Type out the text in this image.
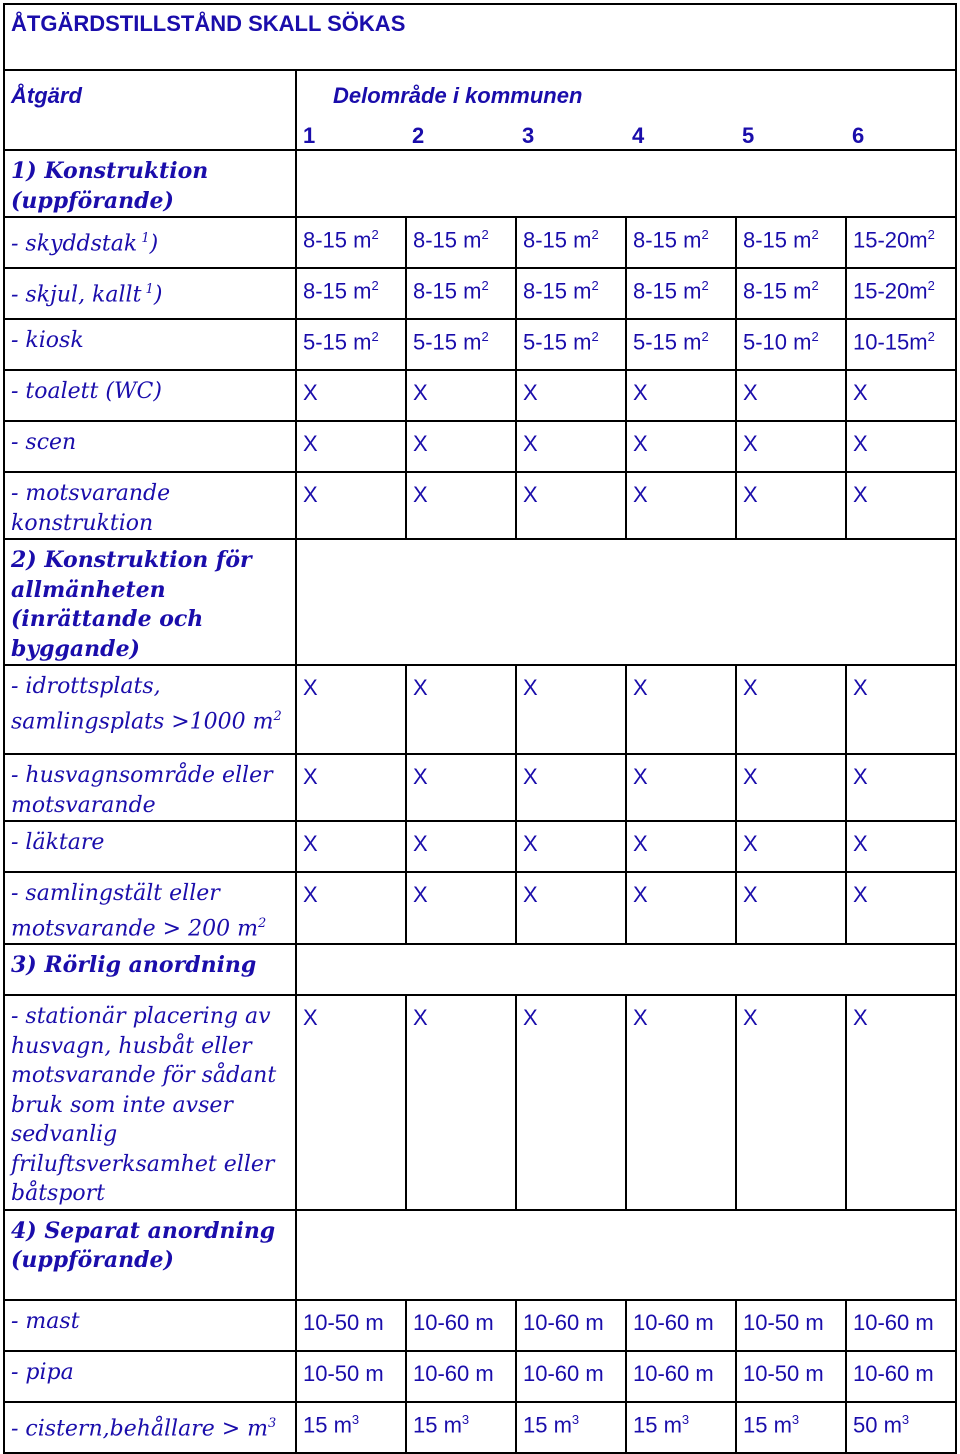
ÅTGÄRDSTILLSTÅND SKALL SÖKAS						
Åtgärd	Delområde i kommunen					
	1	2	3	4	5	6
1) Konstruktion (uppförande)						
- skyddstak $^1$)	8-15 $m^2$	8-15 $m^2$	8-15 $m^2$	8-15 $m^2$	8-15 $m^2$	$15-20m^2$
- skjul, kallt $^1$)	8-15 $m^2$	8-15 $m^2$	8-15 $m^2$	8-15 $m^2$	8-15 $m^2$	$15-20m^2$
- kiosk	5-15 $m^2$	5-15 $m^2$	5-15 $m^2$	5-15 $m^2$	5-10 $m^2$	$10-15m^2$
- toalett (WC)	X	X	X	X	X	X
- scen	X	X	X	X	X	X
- motsvarande konstruktion	X	X	X	X	X	X
2) Konstruktion för allmänheten (inrättande och byggande)						
- idrottsplats, samlingsplats >1000 $m^2$	X	X	X	X	X	X
- husvagnsområde eller motsvarande	X	X	X	X	X	X
- läktare	X	X	X	X	X	X
- samlingstält eller motsvarande > 200 $m^2$	X	X	X	X	X	X
3) Rörlig anordning						
- stationär placering av husvagn, husbåt eller motsvarande för sådant bruk som inte avser sedvanlig friluftsverksamhet eller båtsport	X	X	X	X	X	X
4) Separat anordning (uppförande)						
- mast	10-50 m	10-60 m	10-60 m	10-60 m	10-50 m	10-60 m
- pipa	10-50 m	10-60 m	10-60 m	10-60 m	10-50 m	10-60 m
- cistern,behållare > $m^3$	15 $m^3$	15 $m^3$	15 $m^3$	15 $m^3$	15 $m^3$	50 $m^3$
